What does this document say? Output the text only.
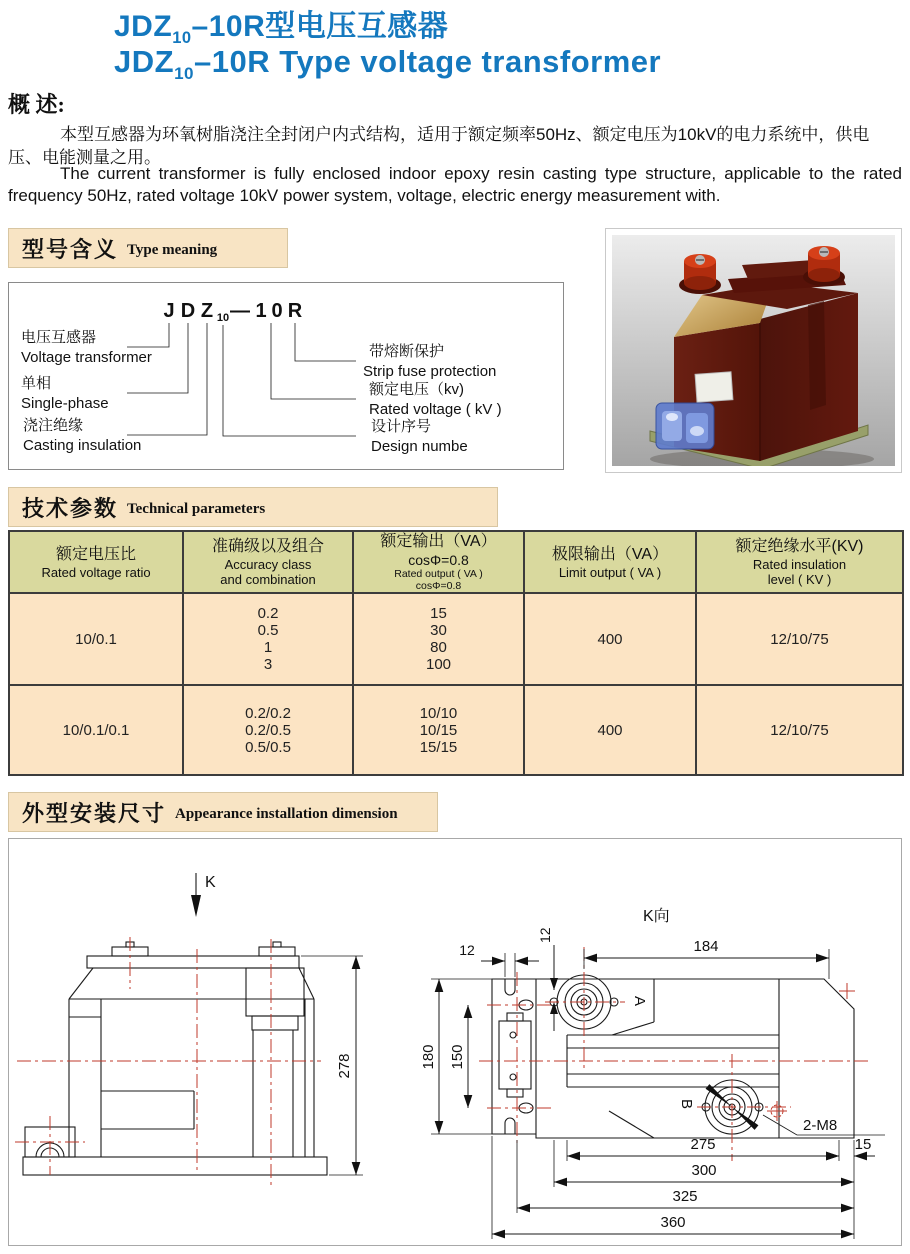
$JDZ_{10}-10R$型电压互感器
$JDZ_{10}-10R$ Type voltage transformer
概 述:

本型互感器为环氧树脂浇注全封闭户内式结构，适用于额定频率50Hz、额定电压为10kV的电力系统中，供电压、电能测量之用。

The current transformer is fully enclosed indoor epoxy resin casting type structure, applicable to the rated frequency 50Hz, rated voltage 10kV power system, voltage, electric energy measurement with.

型号含义 Type meaning
J D Z 10 — 1 0 R
电压互感器
Voltage transformer
单相
Single-phase
浇注绝缘
Casting insulation
带熔断保护
Strip fuse protection
额定电压（kv)
Rated voltage ( kV )
设计序号
Design numbe
技术参数 Technical parameters
额定电压比
Rated voltage ratio	准确级以及组合
Accuracy class
and combination	额定输出（VA）
cosΦ=0.8
Rated output ( VA )
cosΦ=0.8	极限输出（VA）
Limit output ( VA )	额定绝缘水平(KV)
Rated insulation
level ( KV )

10/0.1	0.2
0.5
1
3	15
30
80
100	400	12/10/75
10/0.1/0.1	0.2/0.2
0.2/0.5
0.5/0.5	10/10
10/15
15/15	400	12/10/75
外型安装尺寸 Appearance installation dimension
K
278
K向
A
B
12
12
184
180 150
275	15
300
325
360
2-M8
